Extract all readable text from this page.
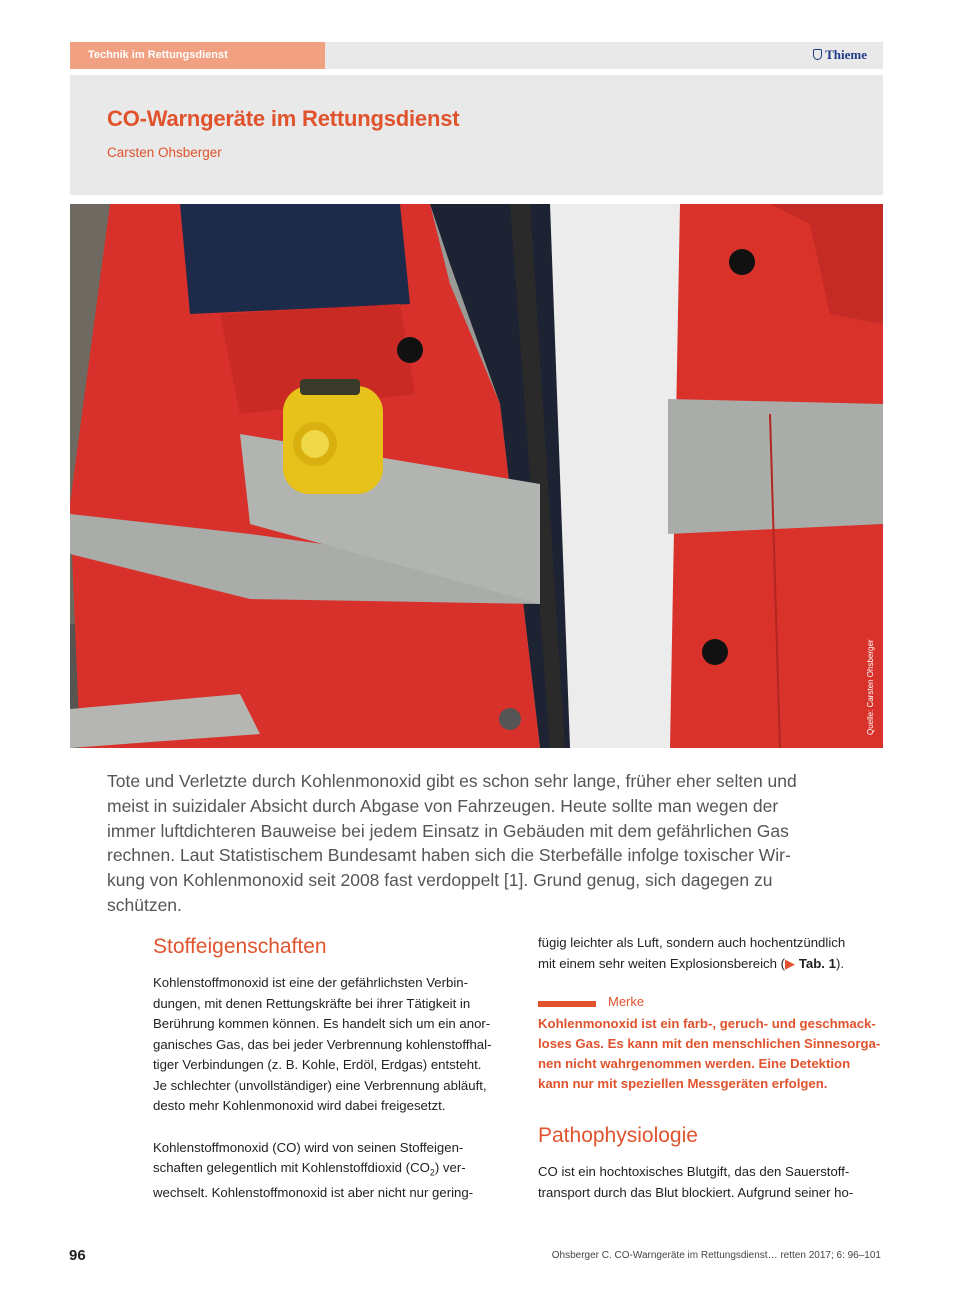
Technik im Rettungsdienst	Thieme
CO-Warngeräte im Rettungsdienst
Carsten Ohsberger
Quelle: Carsten Ohsberger
Tote und Verletzte durch Kohlenmonoxid gibt es schon sehr lange, früher eher selten und
meist in suizidaler Absicht durch Abgase von Fahrzeugen. Heute sollte man wegen der
immer luftdichteren Bauweise bei jedem Einsatz in Gebäuden mit dem gefährlichen Gas
rechnen. Laut Statistischem Bundesamt haben sich die Sterbefälle infolge toxischer Wir-
kung von Kohlenmonoxid seit 2008 fast verdoppelt [1]. Grund genug, sich dagegen zu
schützen.
Stoffeigenschaften
Kohlenstoffmonoxid ist eine der gefährlichsten Verbin-
dungen, mit denen Rettungskräfte bei ihrer Tätigkeit in
Berührung kommen können. Es handelt sich um ein anor-
ganisches Gas, das bei jeder Verbrennung kohlenstoffhal-
tiger Verbindungen (z. B. Kohle, Erdöl, Erdgas) entsteht.
Je schlechter (unvollständiger) eine Verbrennung abläuft,
desto mehr Kohlenmonoxid wird dabei freigesetzt.
Kohlenstoffmonoxid (CO) wird von seinen Stoffeigen-
schaften gelegentlich mit Kohlenstoffdioxid $(CO_2)$ ver-
wechselt. Kohlenstoffmonoxid ist aber nicht nur gering-
fügig leichter als Luft, sondern auch hochentzündlich
mit einem sehr weiten Explosionsbereich (▶ Tab. 1).
Merke
Kohlenmonoxid ist ein farb-, geruch- und geschmack-
loses Gas. Es kann mit den menschlichen Sinnesorga-
nen nicht wahrgenommen werden. Eine Detektion
kann nur mit speziellen Messgeräten erfolgen.
Pathophysiologie
CO ist ein hochtoxisches Blutgift, das den Sauerstoff-
transport durch das Blut blockiert. Aufgrund seiner ho-
96	Ohsberger C. CO-Warngeräte im Rettungsdienst… retten 2017; 6: 96–101
